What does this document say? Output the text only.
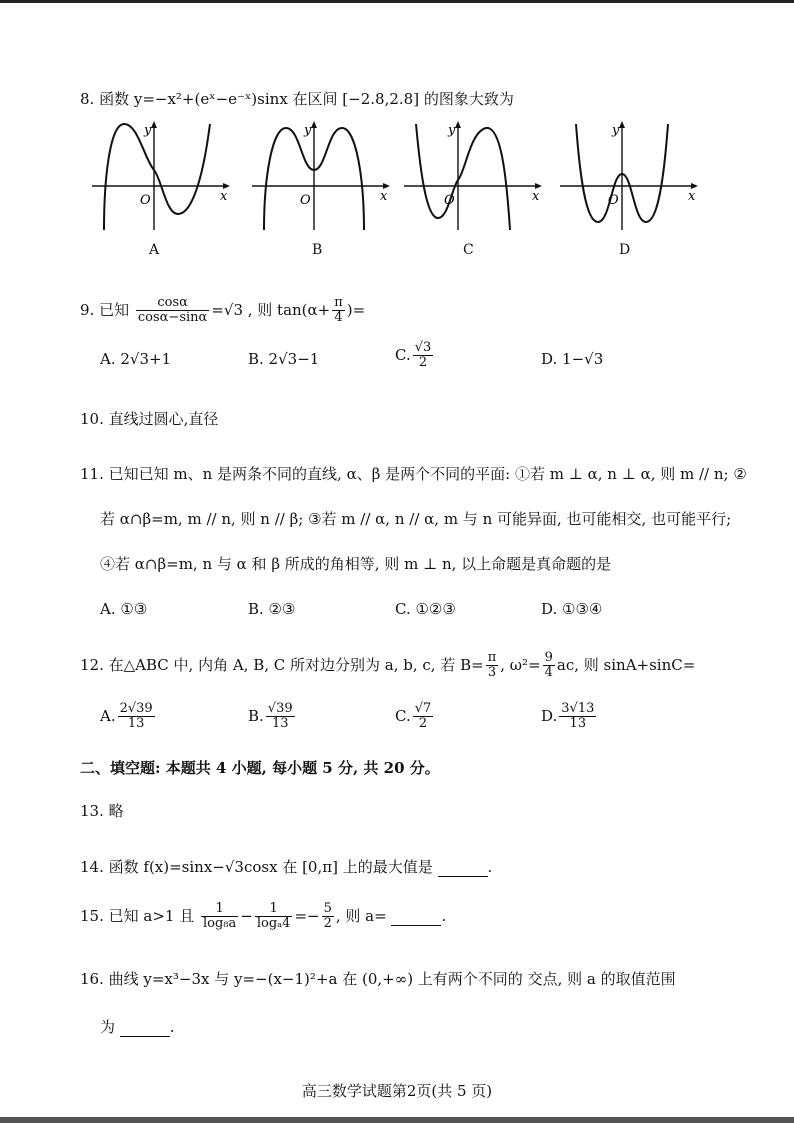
8. 函数 y=−x²+(eˣ−e⁻ˣ)sinx 在区间 [−2.8,2.8] 的图象大致为
y
x
O
A
y
x
O
B
y
x
O
C
y
x
O
D
9. 已知 $\frac{\cos\alpha}{\cos\alpha-\sin\alpha} =√3$ , 则 $\tan(\alpha+ \frac{\pi}{4}$ )=
A. 2√3+1	B. 2√3−1	C. $\frac{√3}{2}$	D. 1−√3
10. 直线过圆心,直径
11. 已知已知 m、n 是两条不同的直线, α、β 是两个不同的平面: ①若 m ⊥ α, n ⊥ α, 则 m // n; ②
若 α∩β=m, m // n, 则 n // β; ③若 m // α, n // α, m 与 n 可能异面, 也可能相交, 也可能平行;
④若 α∩β=m, n 与 α 和 β 所成的角相等, 则 m ⊥ n, 以上命题是真命题的是
A. ①③	B. ②③	C. ①②③	D. ①③④
12. 在△ABC 中, 内角 A, B, C 所对边分别为 a, b, c, 若 $B= \frac{\pi}{3}$ , $\omega^2= \frac{9}{4}$ ac, 则 sinA+sinC=
A. $\frac{2√39}{13}$	B. $\frac{√39}{13}$	C. $\frac{√7}{2}$	D. $\frac{3√13}{13}$
二、填空题: 本题共 4 小题, 每小题 5 分, 共 20 分。
13. 略
14. 函数 f(x)=sinx−√3cosx 在 [0,π] 上的最大值是	.
15. 已知 a>1 且 $\frac{1}{\text{log₈a}} - \frac{1}{\text{logₐ4}} =- \frac{5}{2}$ , 则 a=	.
16. 曲线 y=x³−3x 与 y=−(x−1)²+a 在 (0,+∞) 上有两个不同的 交点, 则 a 的取值范围
为	.
高三数学试题第2页(共 5 页)
